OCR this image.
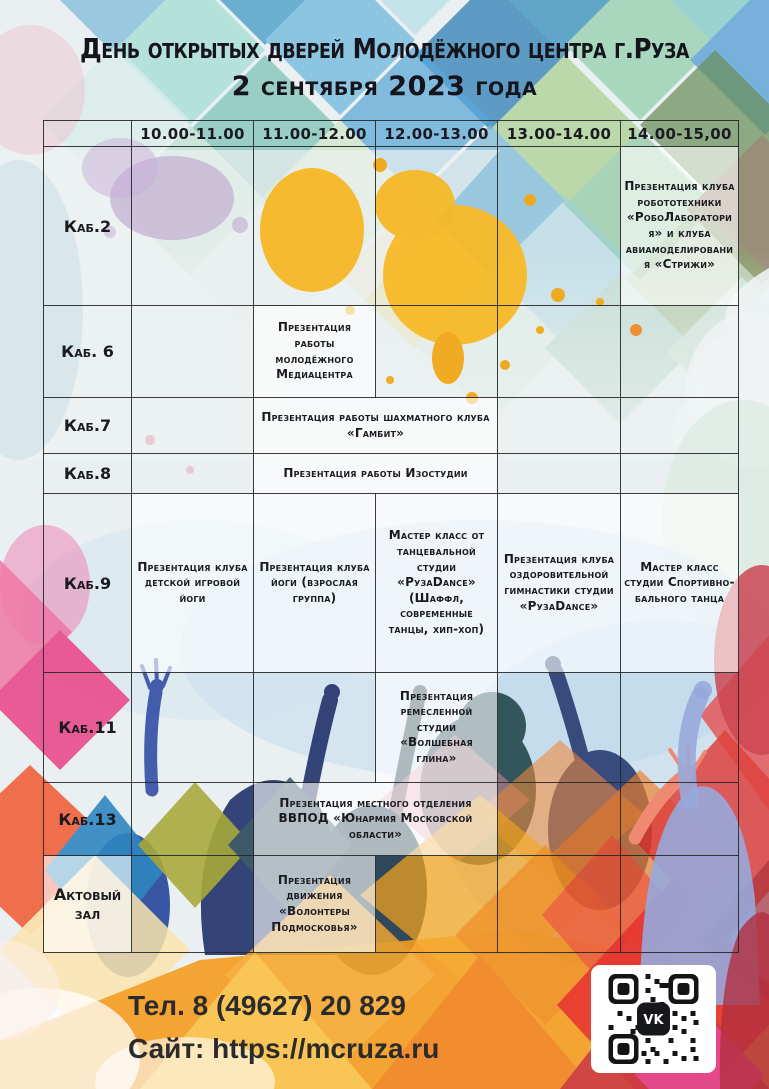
День открытых дверей Молодёжного центра г.Руза
2 сентября 2023 года
	10.00-11.00	11.00-12.00	12.00-13.00	13.00-14.00	14.00-15,00
Каб.2					Презентация клуба робототехники «РобоЛаборатория» и клуба авиамоделирования «Стрижи»
Каб. 6		Презентация работы молодёжного Медиацентра			
Каб.7		Презентация работы шахматного клуба «Гамбит»			
Каб.8		Презентация работы Изостудии			
Каб.9	Презентация клуба детской игровой йоги	Презентация клуба йоги (взрослая группа)	Мастер класс от танцевальной студии «РузаDance» (Шаффл, современные танцы, хип-хоп)	Презентация клуба оздоровительной гимнастики студии «РузаDance»	Мастер класс студии Спортивно-бального танца
Каб.11			Презентация ремесленной студии «Волшебная глина»		
Каб.13		Презентация местного отделения ВВПОД «Юнармия Московской области»			
Актовый зал		Презентация движения «Волонтеры Подмосковья»			
Тел. 8 (49627) 20 829
Сайт: https://mcruza.ru
VK
